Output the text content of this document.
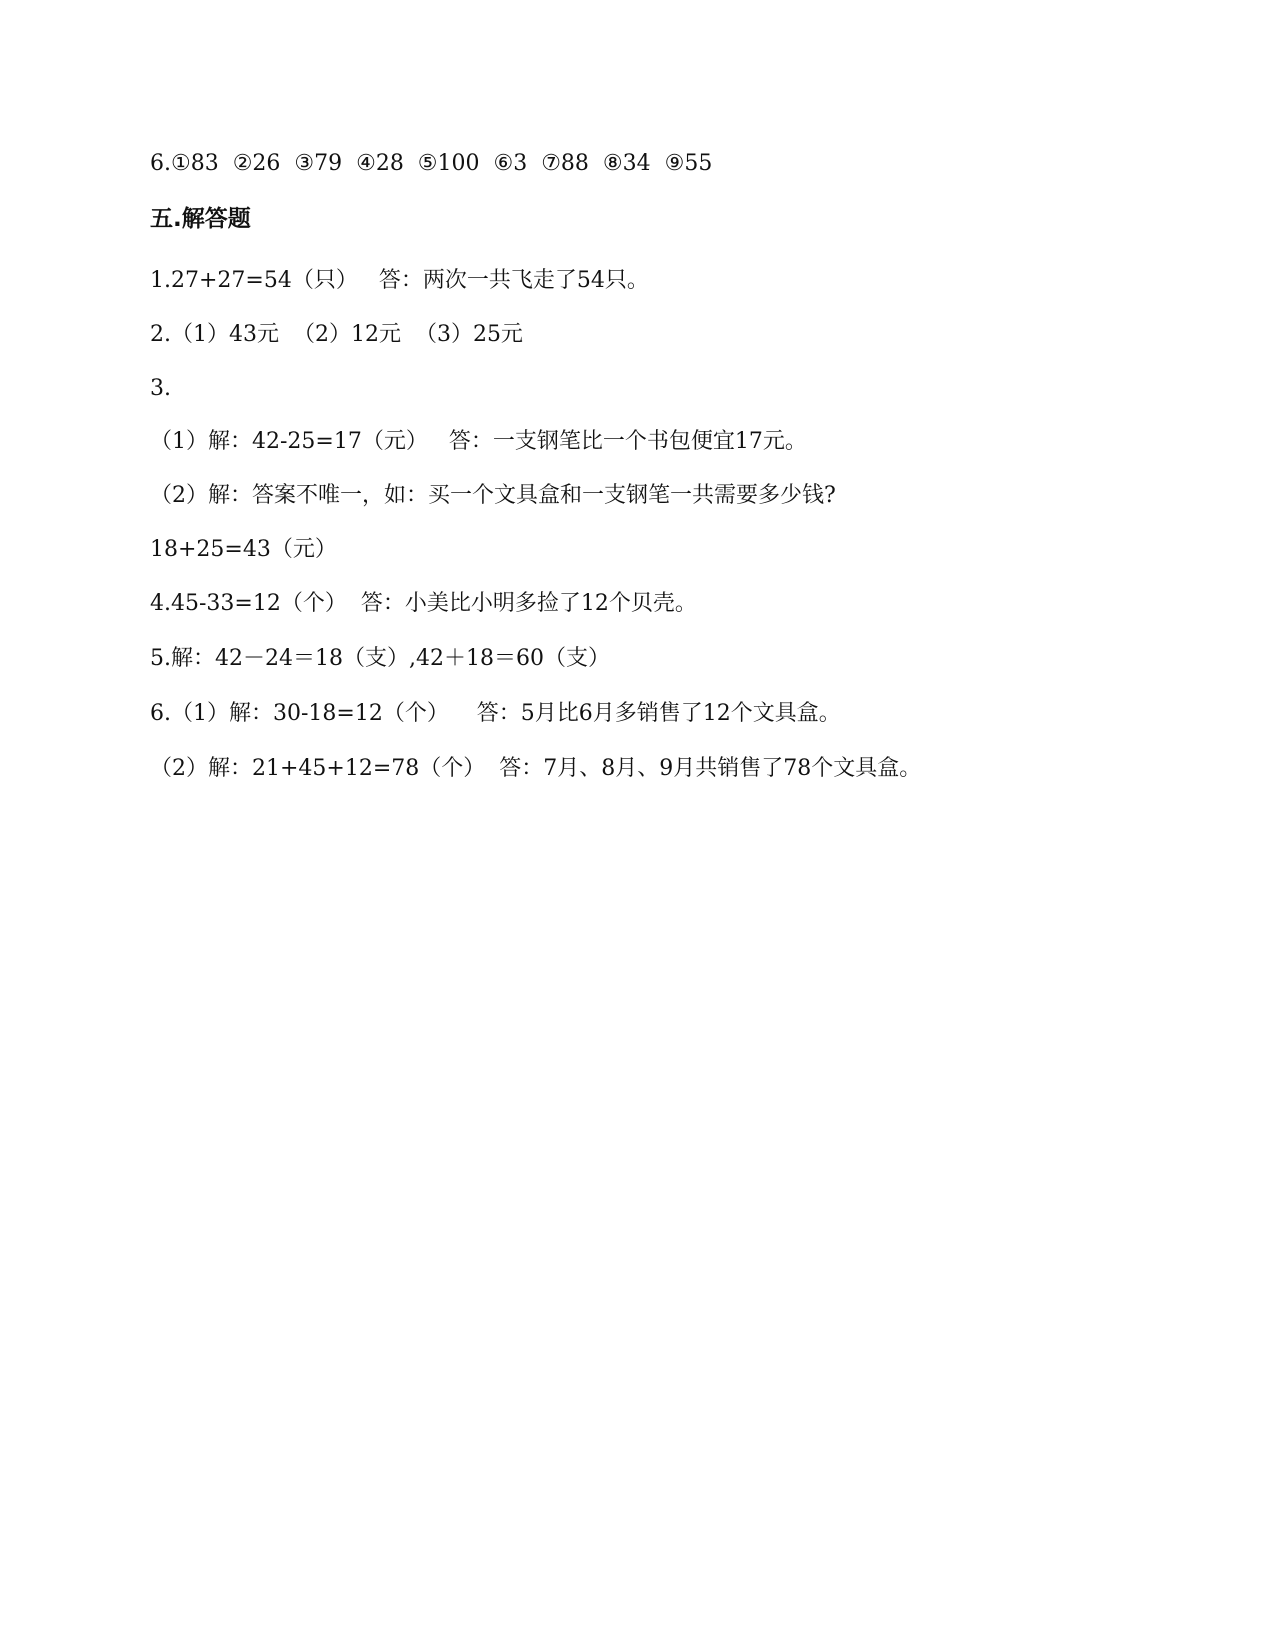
6.①83  ②26  ③79  ④28  ⑤100  ⑥3  ⑦88  ⑧34  ⑨55
五.解答题
1.27+27=54（只）   答：两次一共飞走了54只。
2.（1）43元  （2）12元  （3）25元
3.
（1）解：42-25=17（元）   答：一支钢笔比一个书包便宜17元。
（2）解：答案不唯一，如：买一个文具盒和一支钢笔一共需要多少钱?
18+25=43（元）
4.45-33=12（个）  答：小美比小明多捡了12个贝壳。
5.解：42－24＝18（支）,42＋18＝60（支）
6.（1）解：30-18=12（个）    答：5月比6月多销售了12个文具盒。
（2）解：21+45+12=78（个）  答：7月、8月、9月共销售了78个文具盒。
